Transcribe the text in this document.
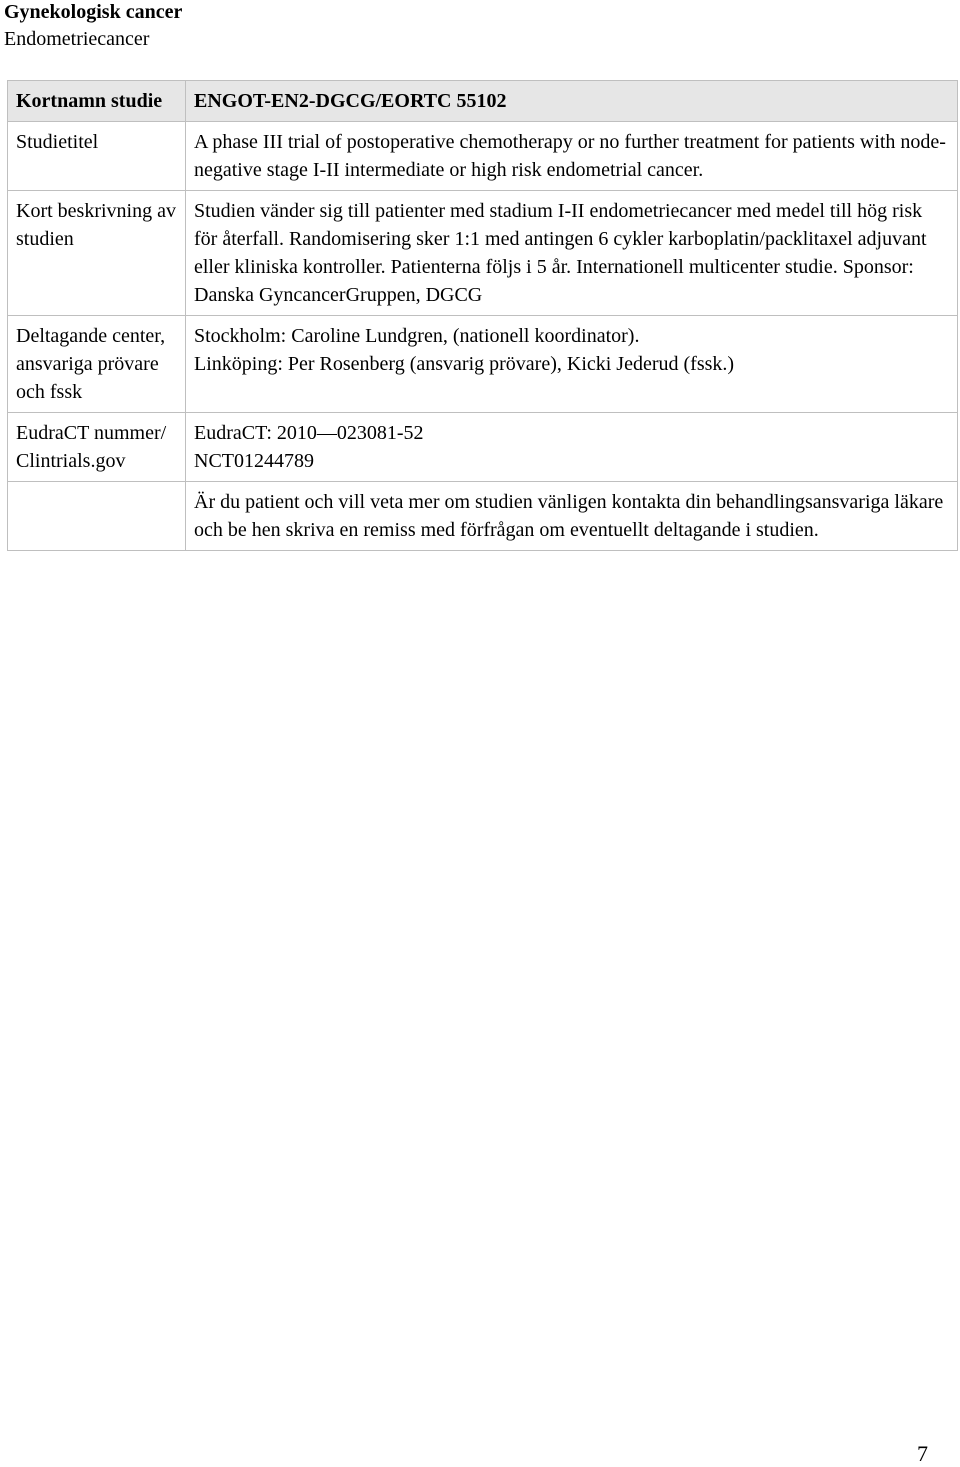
Gynekologisk cancer
Endometriecancer
Kortnamn studie	ENGOT-EN2-DGCG/EORTC 55102

Studietitel	A phase III trial of postoperative chemotherapy or no further treatment for patients with node-negative stage I-II intermediate or high risk endometrial cancer.

Kort beskrivning av studien	Studien vänder sig till patienter med stadium I-II endometriecancer med medel till hög risk för återfall. Randomisering sker 1:1 med antingen 6 cykler karboplatin/packlitaxel adjuvant eller kliniska kontroller. Patienterna följs i 5 år. Internationell multicenter studie. Sponsor: Danska GyncancerGruppen, DGCG

Deltagande center, ansvariga prövare och fssk	Stockholm: Caroline Lundgren, (nationell koordinator).
Linköping: Per Rosenberg (ansvarig prövare), Kicki Jederud (fssk.)

EudraCT nummer/ Clintrials.gov	EudraCT: 2010—023081-52
NCT01244789

	Är du patient och vill veta mer om studien vänligen kontakta din behandlingsansvariga läkare och be hen skriva en remiss med förfrågan om eventuellt deltagande i studien.
7
